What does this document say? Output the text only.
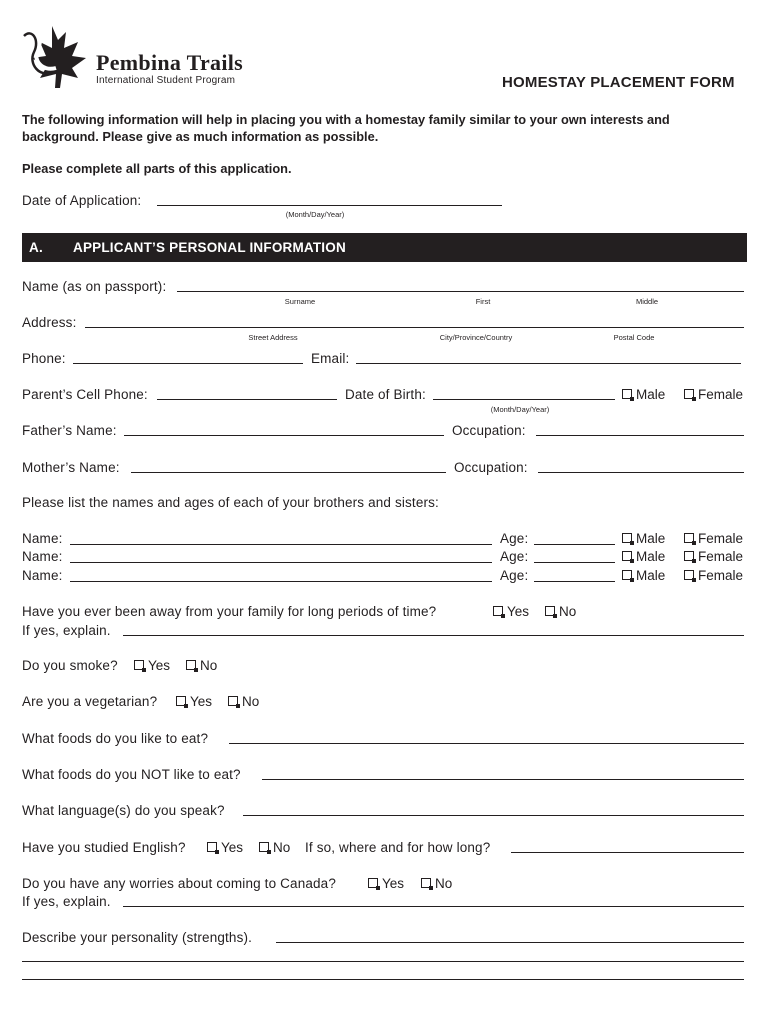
Pembina Trails
International Student Program	HOMESTAY PLACEMENT FORM
The following information will help in placing you with a homestay family similar to your own interests and background. Please give as much information as possible.
Please complete all parts of this application.
Date of Application:
(Month/Day/Year)
A. APPLICANT’S PERSONAL INFORMATION
Name (as on passport):
Surname	First	Middle
Address:
Street Address	City/Province/Country	Postal Code
Phone:	Email:
Parent’s Cell Phone:	Date of Birth:
(Month/Day/Year)
Male	Female
Father’s Name:	Occupation:
Mother’s Name:	Occupation:
Please list the names and ages of each of your brothers and sisters:
Name:	Age:	Male	Female
Name:	Age:	Male	Female
Name:	Age:	Male	Female
Have you ever been away from your family for long periods of time?	Yes	No
If yes, explain.
Do you smoke?	Yes	No
Are you a vegetarian?	Yes	No
What foods do you like to eat?
What foods do you NOT like to eat?
What language(s) do you speak?
Have you studied English?	Yes	No If so, where and for how long?
Do you have any worries about coming to Canada?	Yes	No
If yes, explain.
Describe your personality (strengths).
